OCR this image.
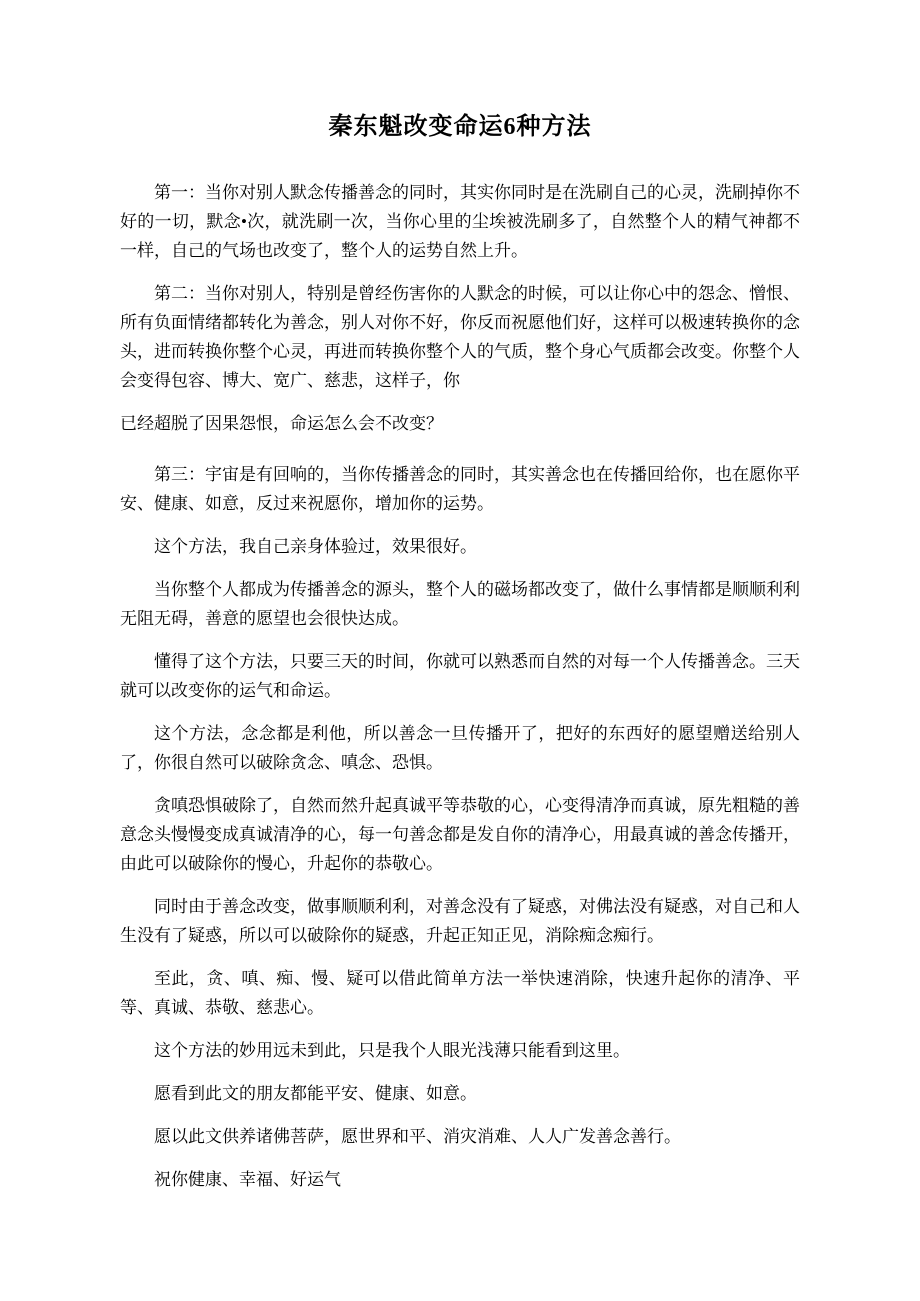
秦东魁改变命运6种方法

第一：当你对别人默念传播善念的同时，其实你同时是在洗刷自己的心灵，洗刷掉你不好的一切，默念•次，就洗刷一次，当你心里的尘埃被洗刷多了，自然整个人的精气神都不一样，自己的气场也改变了，整个人的运势自然上升。

第二：当你对别人，特别是曾经伤害你的人默念的时候，可以让你心中的怨念、憎恨、所有负面情绪都转化为善念，别人对你不好，你反而祝愿他们好，这样可以极速转换你的念头，进而转换你整个心灵，再进而转换你整个人的气质，整个身心气质都会改变。你整个人会变得包容、博大、宽广、慈悲，这样子，你

已经超脱了因果怨恨，命运怎么会不改变？

第三：宇宙是有回响的，当你传播善念的同时，其实善念也在传播回给你，也在愿你平安、健康、如意，反过来祝愿你，增加你的运势。

这个方法，我自己亲身体验过，效果很好。

当你整个人都成为传播善念的源头，整个人的磁场都改变了，做什么事情都是顺顺利利无阻无碍，善意的愿望也会很快达成。

懂得了这个方法，只要三天的时间，你就可以熟悉而自然的对每一个人传播善念。三天就可以改变你的运气和命运。

这个方法，念念都是利他，所以善念一旦传播开了，把好的东西好的愿望赠送给别人了，你很自然可以破除贪念、嗔念、恐惧。

贪嗔恐惧破除了，自然而然升起真诚平等恭敬的心，心变得清净而真诚，原先粗糙的善意念头慢慢变成真诚清净的心，每一句善念都是发自你的清净心，用最真诚的善念传播开，由此可以破除你的慢心，升起你的恭敬心。

同时由于善念改变，做事顺顺利利，对善念没有了疑惑，对佛法没有疑惑，对自己和人生没有了疑惑，所以可以破除你的疑惑，升起正知正见，消除痴念痴行。

至此，贪、嗔、痴、慢、疑可以借此简单方法一举快速消除，快速升起你的清净、平等、真诚、恭敬、慈悲心。

这个方法的妙用远未到此，只是我个人眼光浅薄只能看到这里。

愿看到此文的朋友都能平安、健康、如意。

愿以此文供养诸佛菩萨，愿世界和平、消灾消难、人人广发善念善行。

祝你健康、幸福、好运气
